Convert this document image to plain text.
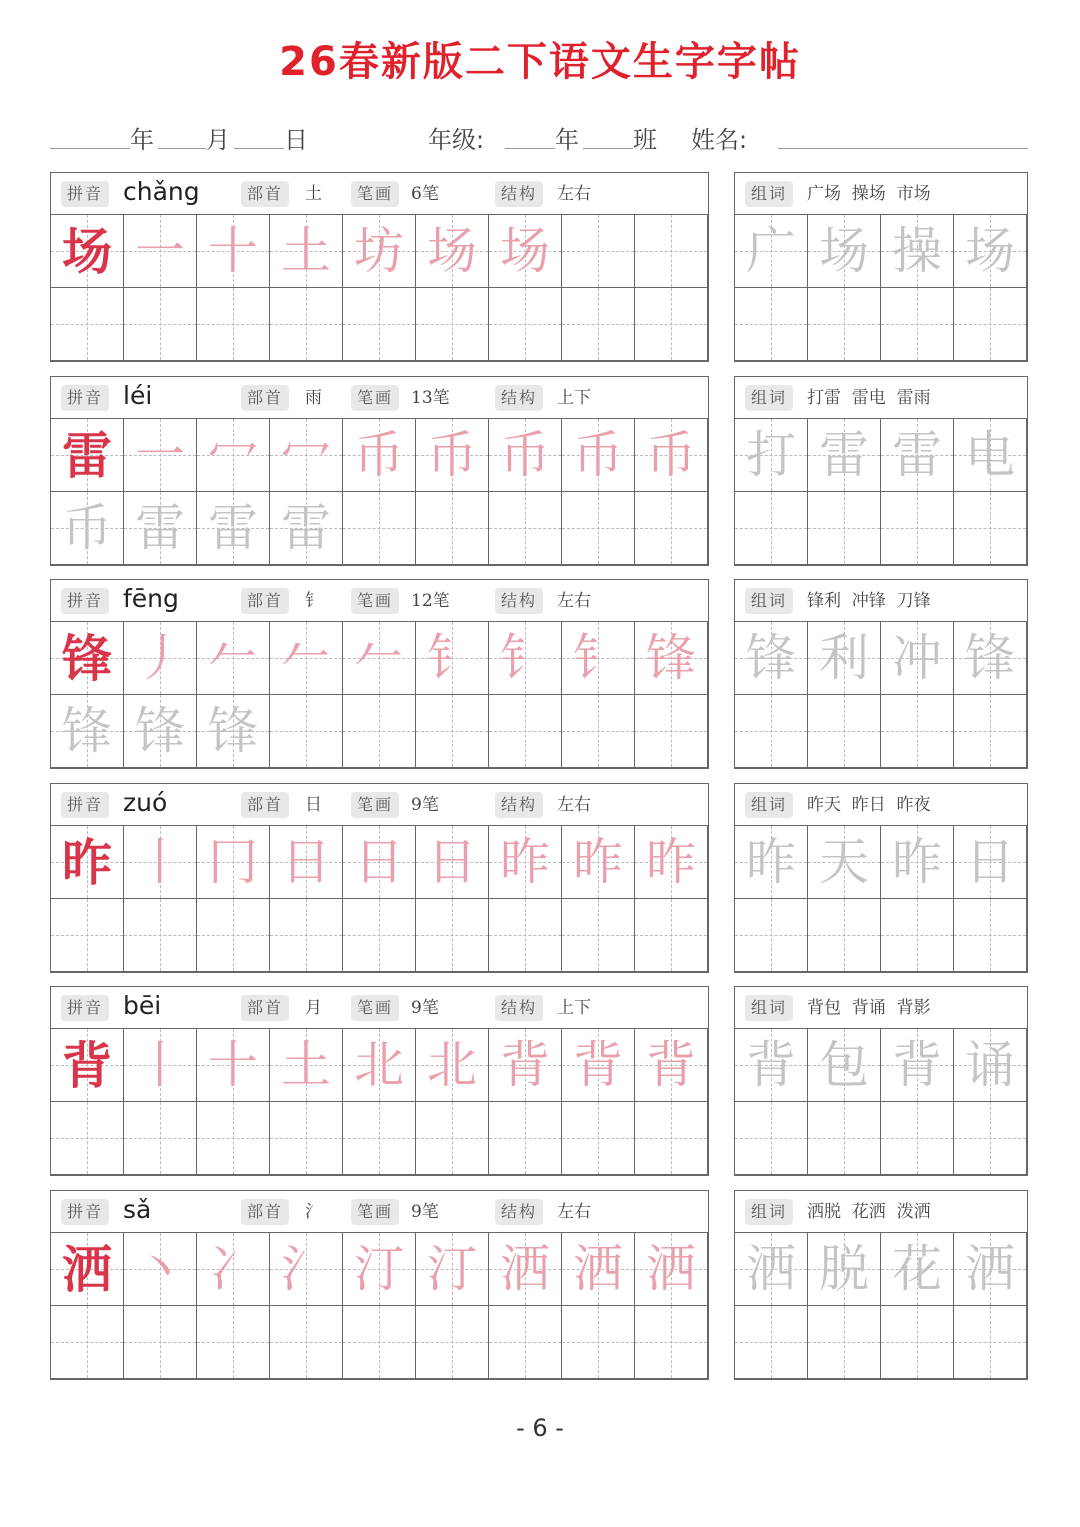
26春新版二下语文生字字帖
年 月 日	年级:	年 班 姓名:
拼音 chǎng	部首	土	笔画	6笔	结构	左右
场 一 十 土 坊 场 场
组词	广场  操场  市场
广 场 操 场
拼音 léi	部首	雨	笔画	13笔	结构	上下
雷 一 冖 冖 币 币 币 币 币
币 雷 雷 雷
组词	打雷  雷电  雷雨
打 雷 雷 电
拼音 fēng	部首	钅	笔画	12笔	结构	左右
锋 丿 𠂉 𠂉 𠂉 钅 钅 钅 锋
锋 锋 锋
组词	锋利  冲锋  刀锋
锋 利 冲 锋
拼音 zuó	部首	日	笔画	9笔	结构	左右
昨 丨 冂 日 日 日 昨 昨 昨
组词	昨天  昨日  昨夜
昨 天 昨 日
拼音 bēi	部首	月	笔画	9笔	结构	上下
背 丨 十 土 北 北 背 背 背
组词	背包  背诵  背影
背 包 背 诵
拼音 sǎ	部首	氵	笔画	9笔	结构	左右
洒 丶 冫 氵 汀 汀 洒 洒 洒
组词	洒脱  花洒  泼洒
洒 脱 花 洒
- 6 -
